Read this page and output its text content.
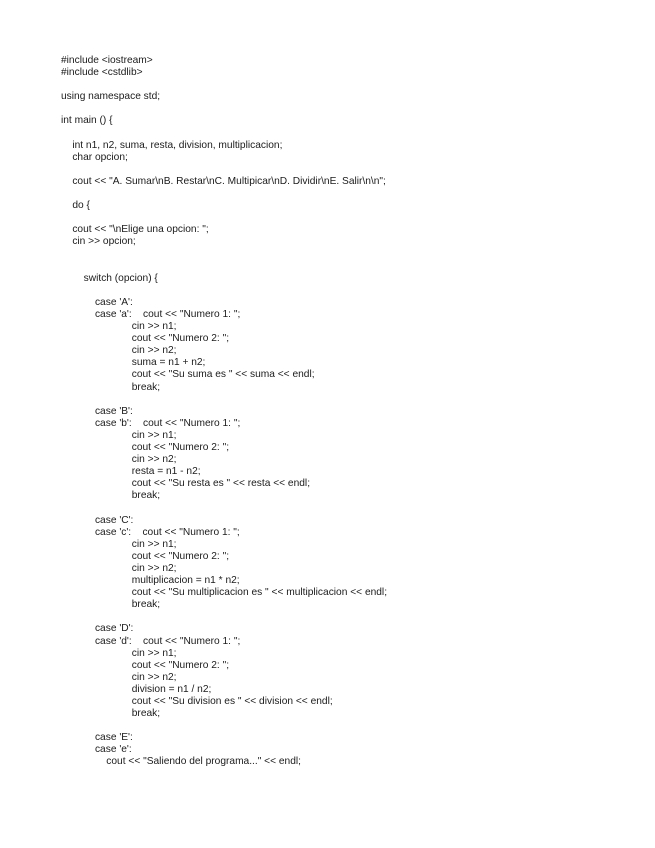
#include <iostream>
#include <cstdlib>
using namespace std;
int main () {
int n1, n2, suma, resta, division, multiplicacion;
char opcion;
cout << "A. Sumar\nB. Restar\nC. Multipicar\nD. Dividir\nE. Salir\n\n";
do {
cout << "\nElige una opcion: ";
cin >> opcion;
switch (opcion) {
case 'A':
case 'a':    cout << "Numero 1: ";
cin >> n1;
cout << "Numero 2: ";
cin >> n2;
suma = n1 + n2;
cout << "Su suma es " << suma << endl;
break;
case 'B':
case 'b':    cout << "Numero 1: ";
cin >> n1;
cout << "Numero 2: ";
cin >> n2;
resta = n1 - n2;
cout << "Su resta es " << resta << endl;
break;
case 'C':
case 'c':    cout << "Numero 1: ";
cin >> n1;
cout << "Numero 2: ";
cin >> n2;
multiplicacion = n1 * n2;
cout << "Su multiplicacion es " << multiplicacion << endl;
break;
case 'D':
case 'd':    cout << "Numero 1: ";
cin >> n1;
cout << "Numero 2: ";
cin >> n2;
division = n1 / n2;
cout << "Su division es " << division << endl;
break;
case 'E':
case 'e':
cout << "Saliendo del programa..." << endl;
